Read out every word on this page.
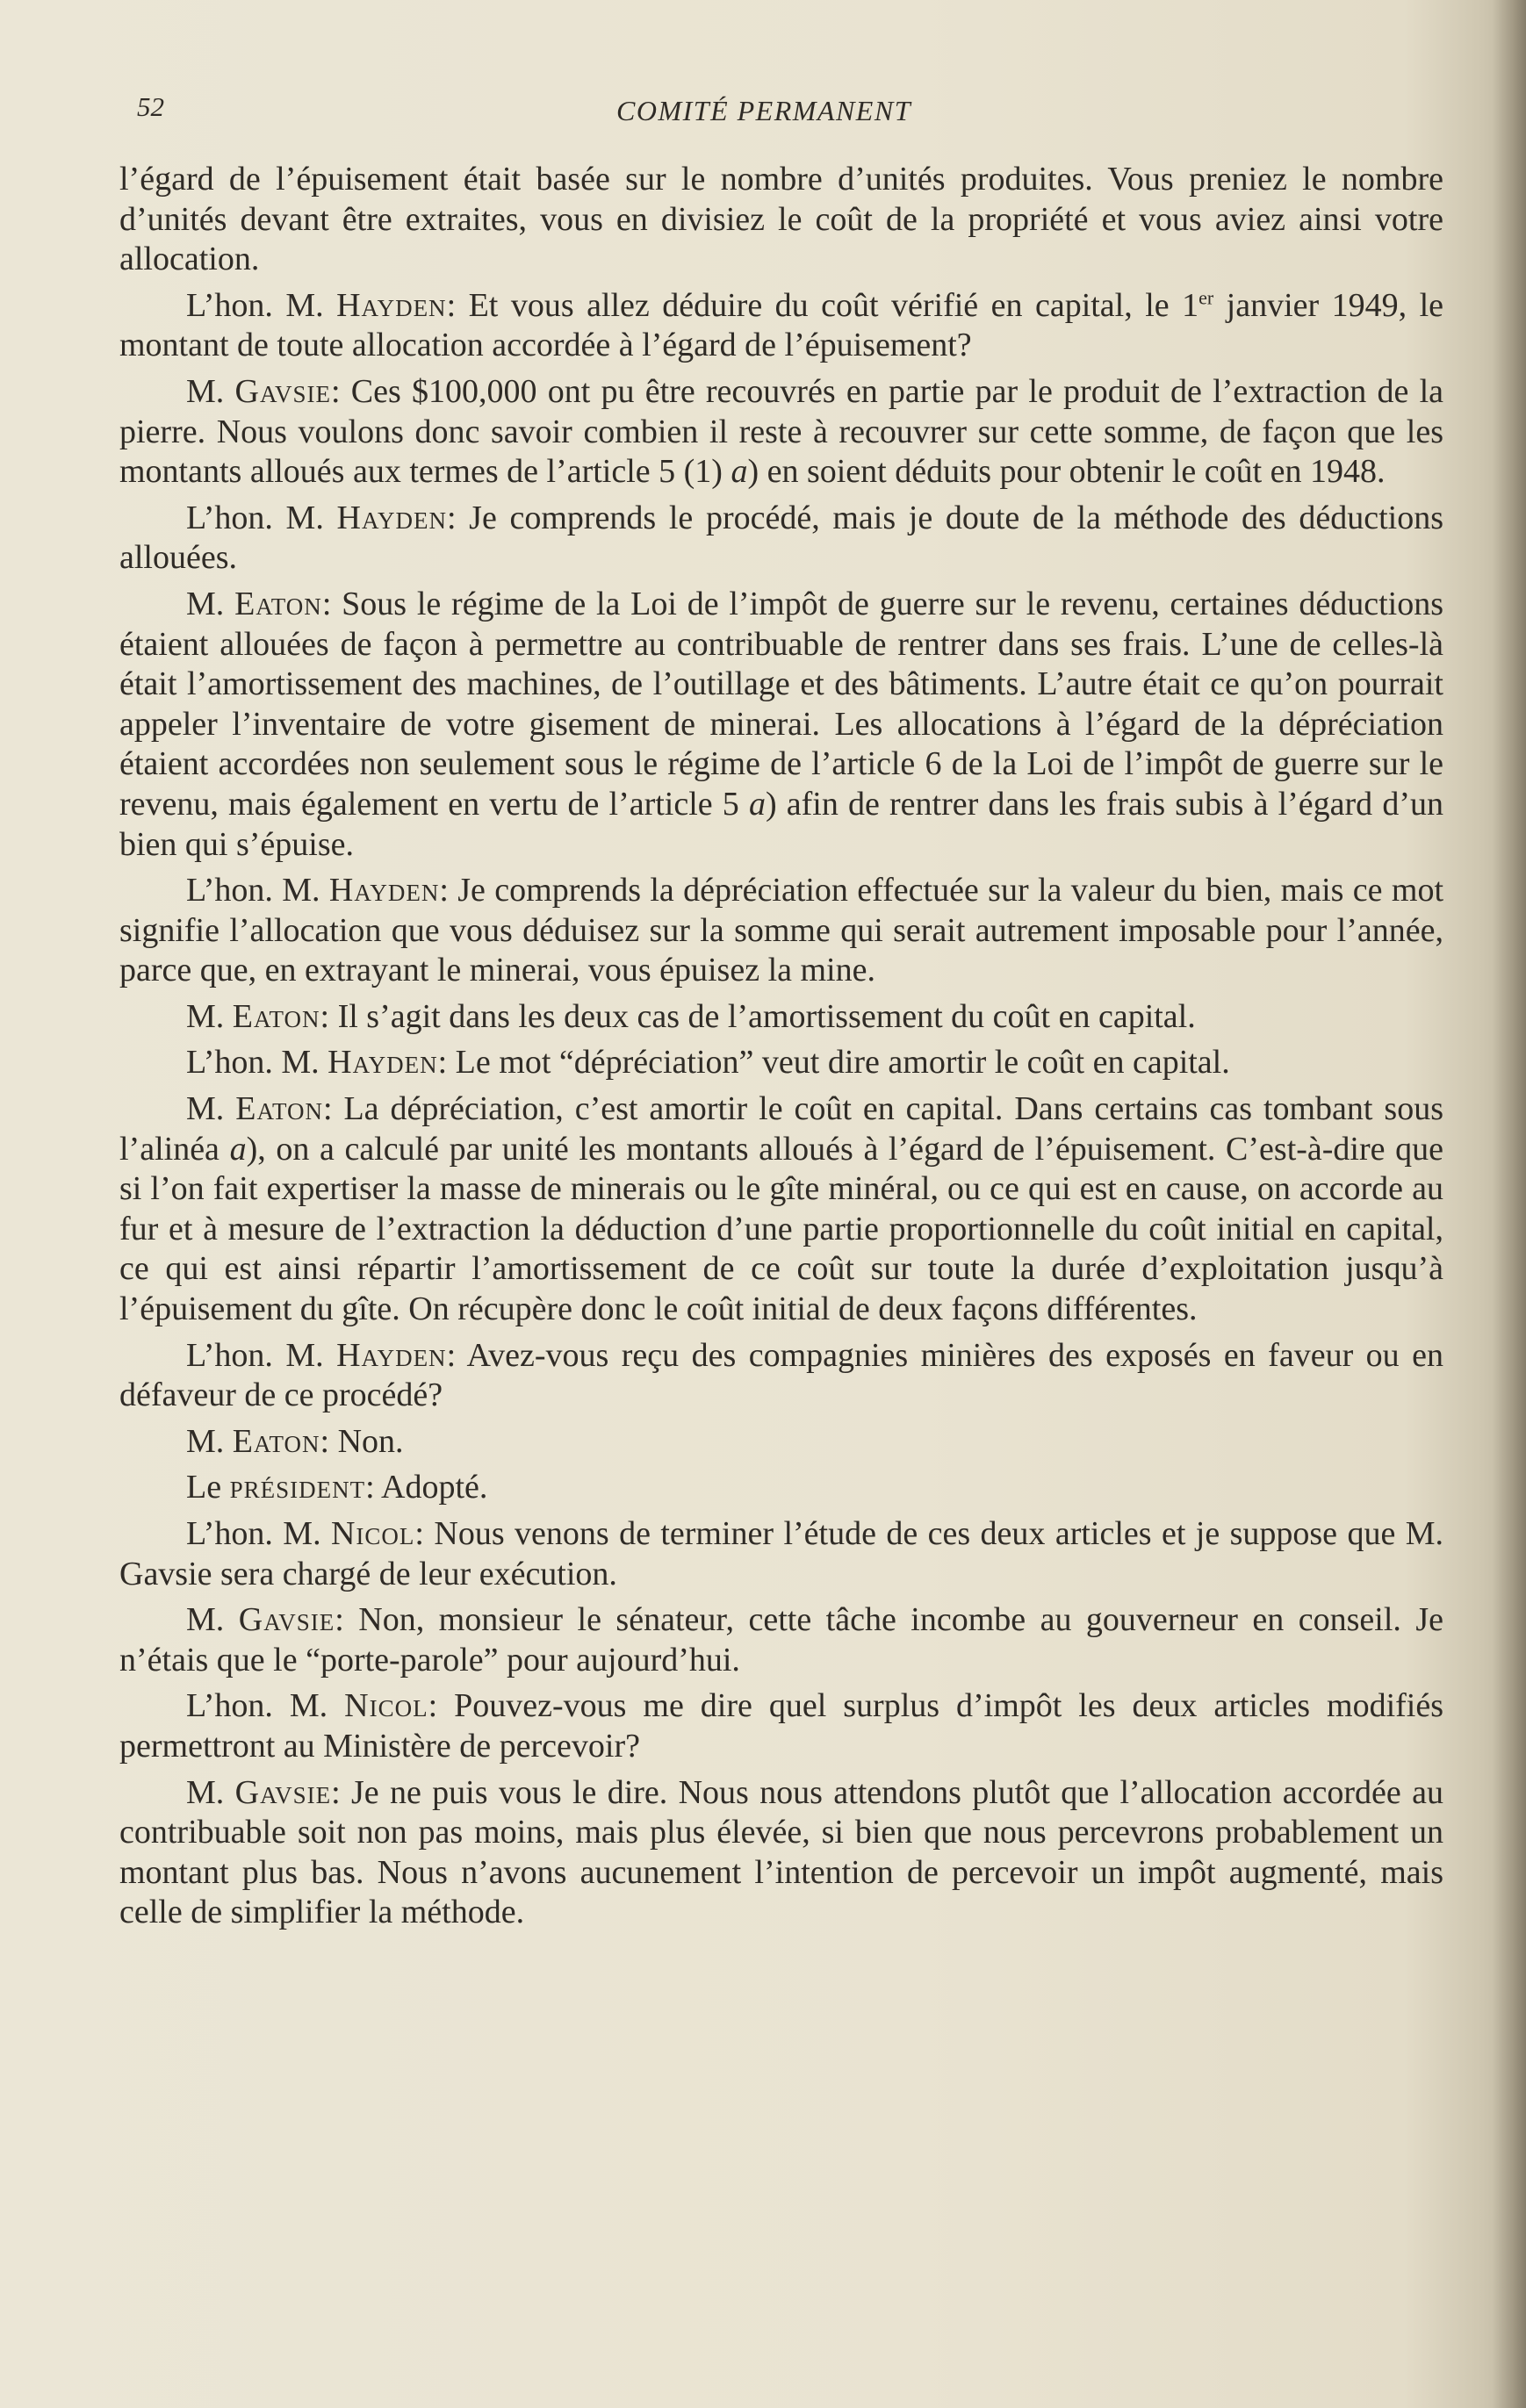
52	COMITÉ PERMANENT

l’égard de l’épuisement était basée sur le nombre d’unités produites. Vous preniez le nombre d’unités devant être extraites, vous en divisiez le coût de la propriété et vous aviez ainsi votre allocation.

L’hon. M. Hayden: Et vous allez déduire du coût vérifié en capital, le 1er janvier 1949, le montant de toute allocation accordée à l’égard de l’épuisement?

M. Gavsie: Ces $100,000 ont pu être recouvrés en partie par le produit de l’extraction de la pierre. Nous voulons donc savoir combien il reste à recouvrer sur cette somme, de façon que les montants alloués aux termes de l’article 5 (1) a) en soient déduits pour obtenir le coût en 1948.

L’hon. M. Hayden: Je comprends le procédé, mais je doute de la méthode des déductions allouées.

M. Eaton: Sous le régime de la Loi de l’impôt de guerre sur le revenu, certaines déductions étaient allouées de façon à permettre au contribuable de rentrer dans ses frais. L’une de celles-là était l’amortissement des machines, de l’outillage et des bâtiments. L’autre était ce qu’on pourrait appeler l’inventaire de votre gisement de minerai. Les allocations à l’égard de la dépréciation étaient accordées non seulement sous le régime de l’article 6 de la Loi de l’impôt de guerre sur le revenu, mais également en vertu de l’article 5 a) afin de rentrer dans les frais subis à l’égard d’un bien qui s’épuise.

L’hon. M. Hayden: Je comprends la dépréciation effectuée sur la valeur du bien, mais ce mot signifie l’allocation que vous déduisez sur la somme qui serait autrement imposable pour l’année, parce que, en extrayant le minerai, vous épuisez la mine.

M. Eaton: Il s’agit dans les deux cas de l’amortissement du coût en capital.

L’hon. M. Hayden: Le mot “dépréciation” veut dire amortir le coût en capital.

M. Eaton: La dépréciation, c’est amortir le coût en capital. Dans certains cas tombant sous l’alinéa a), on a calculé par unité les montants alloués à l’égard de l’épuisement. C’est-à-dire que si l’on fait expertiser la masse de minerais ou le gîte minéral, ou ce qui est en cause, on accorde au fur et à mesure de l’extraction la déduction d’une partie proportionnelle du coût initial en capital, ce qui est ainsi répartir l’amortissement de ce coût sur toute la durée d’exploitation jusqu’à l’épuisement du gîte. On récupère donc le coût initial de deux façons différentes.

L’hon. M. Hayden: Avez-vous reçu des compagnies minières des exposés en faveur ou en défaveur de ce procédé?

M. Eaton: Non.

Le président: Adopté.

L’hon. M. Nicol: Nous venons de terminer l’étude de ces deux articles et je suppose que M. Gavsie sera chargé de leur exécution.

M. Gavsie: Non, monsieur le sénateur, cette tâche incombe au gouverneur en conseil. Je n’étais que le “porte-parole” pour aujourd’hui.

L’hon. M. Nicol: Pouvez-vous me dire quel surplus d’impôt les deux articles modifiés permettront au Ministère de percevoir?

M. Gavsie: Je ne puis vous le dire. Nous nous attendons plutôt que l’allocation accordée au contribuable soit non pas moins, mais plus élevée, si bien que nous percevrons probablement un montant plus bas. Nous n’avons aucunement l’intention de percevoir un impôt augmenté, mais celle de simplifier la méthode.
